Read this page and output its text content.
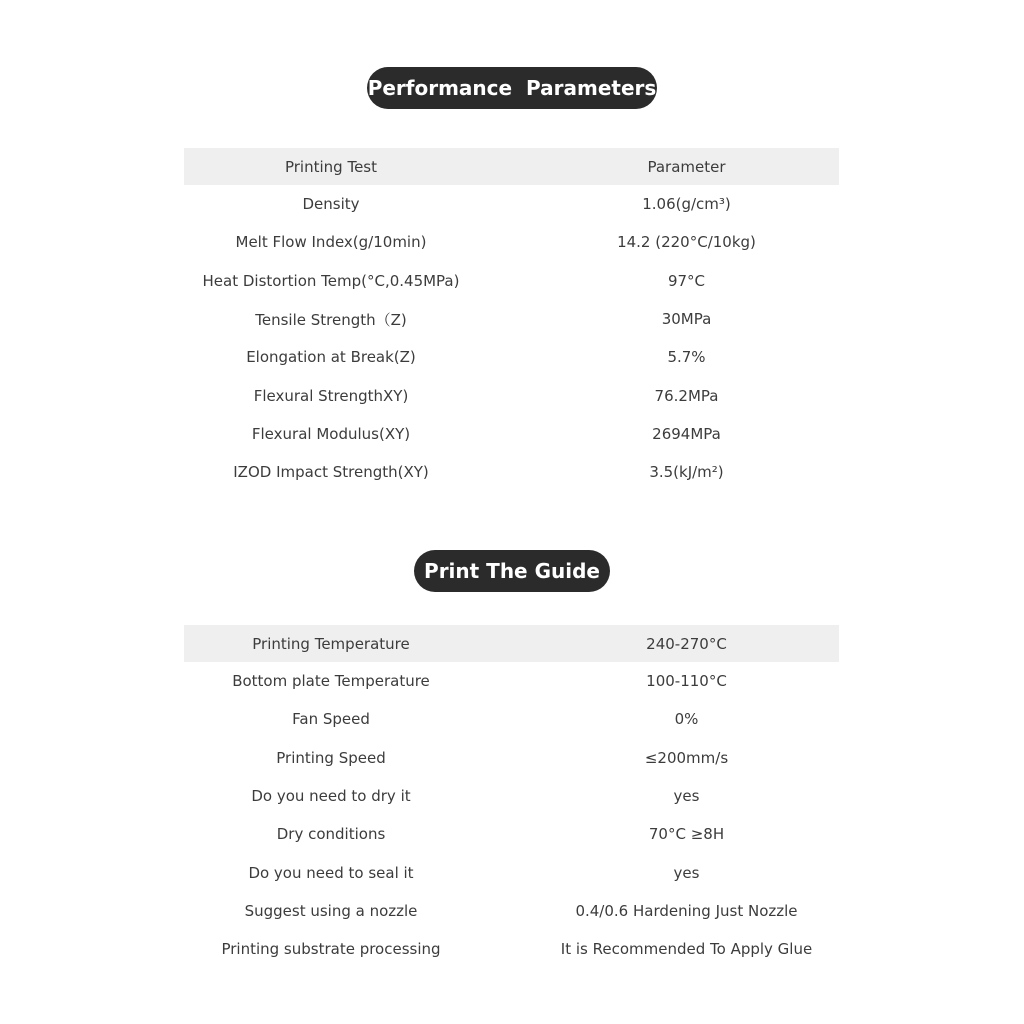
Performance  Parameters
Printing Test	Parameter
Density	1.06(g/cm³)
Melt Flow Index(g/10min)	14.2 (220°C/10kg)
Heat Distortion Temp(°C,0.45MPa)	97°C
Tensile Strength（Z)	30MPa
Elongation at Break(Z)	5.7%
Flexural StrengthXY)	76.2MPa
Flexural Modulus(XY)	2694MPa
IZOD Impact Strength(XY)	3.5(kJ/m²)
Print The Guide
Printing Temperature	240-270°C
Bottom plate Temperature	100-110°C
Fan Speed	0%
Printing Speed	≤200mm/s
Do you need to dry it	yes
Dry conditions	70°C ≥8H
Do you need to seal it	yes
Suggest using a nozzle	0.4/0.6 Hardening Just Nozzle
Printing substrate processing	It is Recommended To Apply Glue
